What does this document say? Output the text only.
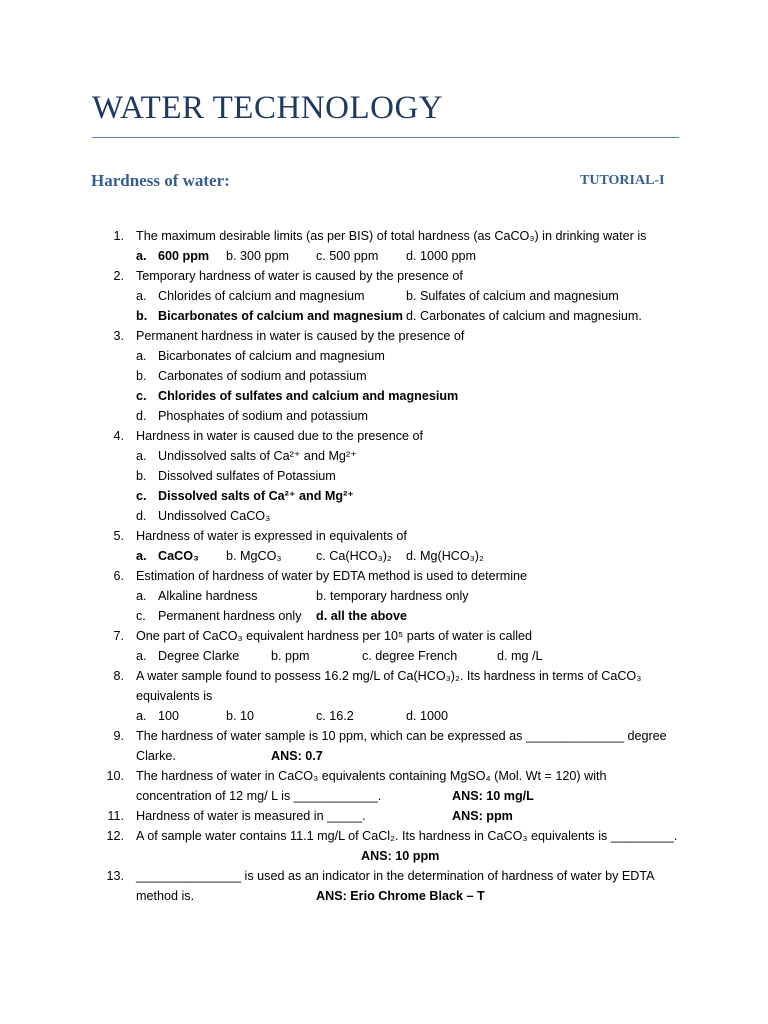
WATER TECHNOLOGY
Hardness of water:	TUTORIAL-I
1. The maximum desirable limits (as per BIS) of total hardness (as CaCO₃) in drinking water is
a. 600 ppm b. 300 ppm c. 500 ppm d. 1000 ppm
2. Temporary hardness of water is caused by the presence of
a. Chlorides of calcium and magnesium	b. Sulfates of calcium and magnesium
b. Bicarbonates of calcium and magnesium d. Carbonates of calcium and magnesium.
3. Permanent hardness in water is caused by the presence of
a. Bicarbonates of calcium and magnesium
b. Carbonates of sodium and potassium
c. Chlorides of sulfates and calcium and magnesium
d. Phosphates of sodium and potassium
4. Hardness in water is caused due to the presence of
a. Undissolved salts of Ca²⁺ and Mg²⁺
b. Dissolved sulfates of Potassium
c. Dissolved salts of Ca²⁺ and Mg²⁺
d. Undissolved CaCO₃
5. Hardness of water is expressed in equivalents of
a. CaCO₃ b. MgCO₃	c. Ca(HCO₃)₂ d. Mg(HCO₃)₂
6. Estimation of hardness of water by EDTA method is used to determine
a. Alkaline hardness	b. temporary hardness only
c. Permanent hardness only d. all the above
7. One part of CaCO₃ equivalent hardness per 10⁵ parts of water is called
a. Degree Clarke	b. ppm	c. degree French	d. mg /L
8. A water sample found to possess 16.2 mg/L of Ca(HCO₃)₂. Its hardness in terms of CaCO₃
equivalents is
a. 100	b. 10	c. 16.2	d. 1000
9. The hardness of water sample is 10 ppm, which can be expressed as ______________ degree
Clarke.	ANS: 0.7
10. The hardness of water in CaCO₃ equivalents containing MgSO₄ (Mol. Wt = 120) with
concentration of 12 mg/ L is ____________.	ANS: 10 mg/L
11. Hardness of water is measured in _____.	ANS: ppm
12. A of sample water contains 11.1 mg/L of CaCl₂. Its hardness in CaCO₃ equivalents is _________.
ANS: 10 ppm
13. _______________ is used as an indicator in the determination of hardness of water by EDTA
method is.	ANS: Erio Chrome Black – T
